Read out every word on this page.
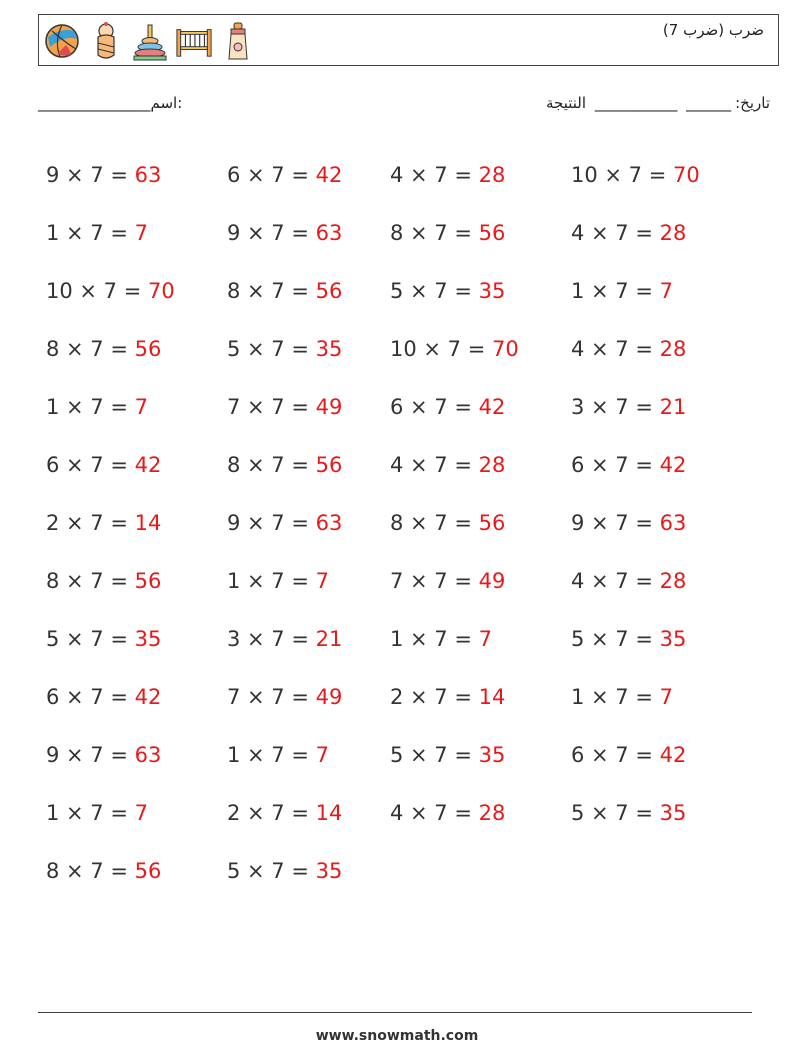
ضرب (ضرب 7)
_______________اسم:	تاريخ:______ ___________ النتيجة
9 × 7 = 63	6 × 7 = 42	4 × 7 = 28	10 × 7 = 70
1 × 7 = 7	9 × 7 = 63	8 × 7 = 56	4 × 7 = 28
10 × 7 = 70	8 × 7 = 56	5 × 7 = 35	1 × 7 = 7
8 × 7 = 56	5 × 7 = 35	10 × 7 = 70	4 × 7 = 28
1 × 7 = 7	7 × 7 = 49	6 × 7 = 42	3 × 7 = 21
6 × 7 = 42	8 × 7 = 56	4 × 7 = 28	6 × 7 = 42
2 × 7 = 14	9 × 7 = 63	8 × 7 = 56	9 × 7 = 63
8 × 7 = 56	1 × 7 = 7	7 × 7 = 49	4 × 7 = 28
5 × 7 = 35	3 × 7 = 21	1 × 7 = 7	5 × 7 = 35
6 × 7 = 42	7 × 7 = 49	2 × 7 = 14	1 × 7 = 7
9 × 7 = 63	1 × 7 = 7	5 × 7 = 35	6 × 7 = 42
1 × 7 = 7	2 × 7 = 14	4 × 7 = 28	5 × 7 = 35
8 × 7 = 56	5 × 7 = 35
www.snowmath.com
